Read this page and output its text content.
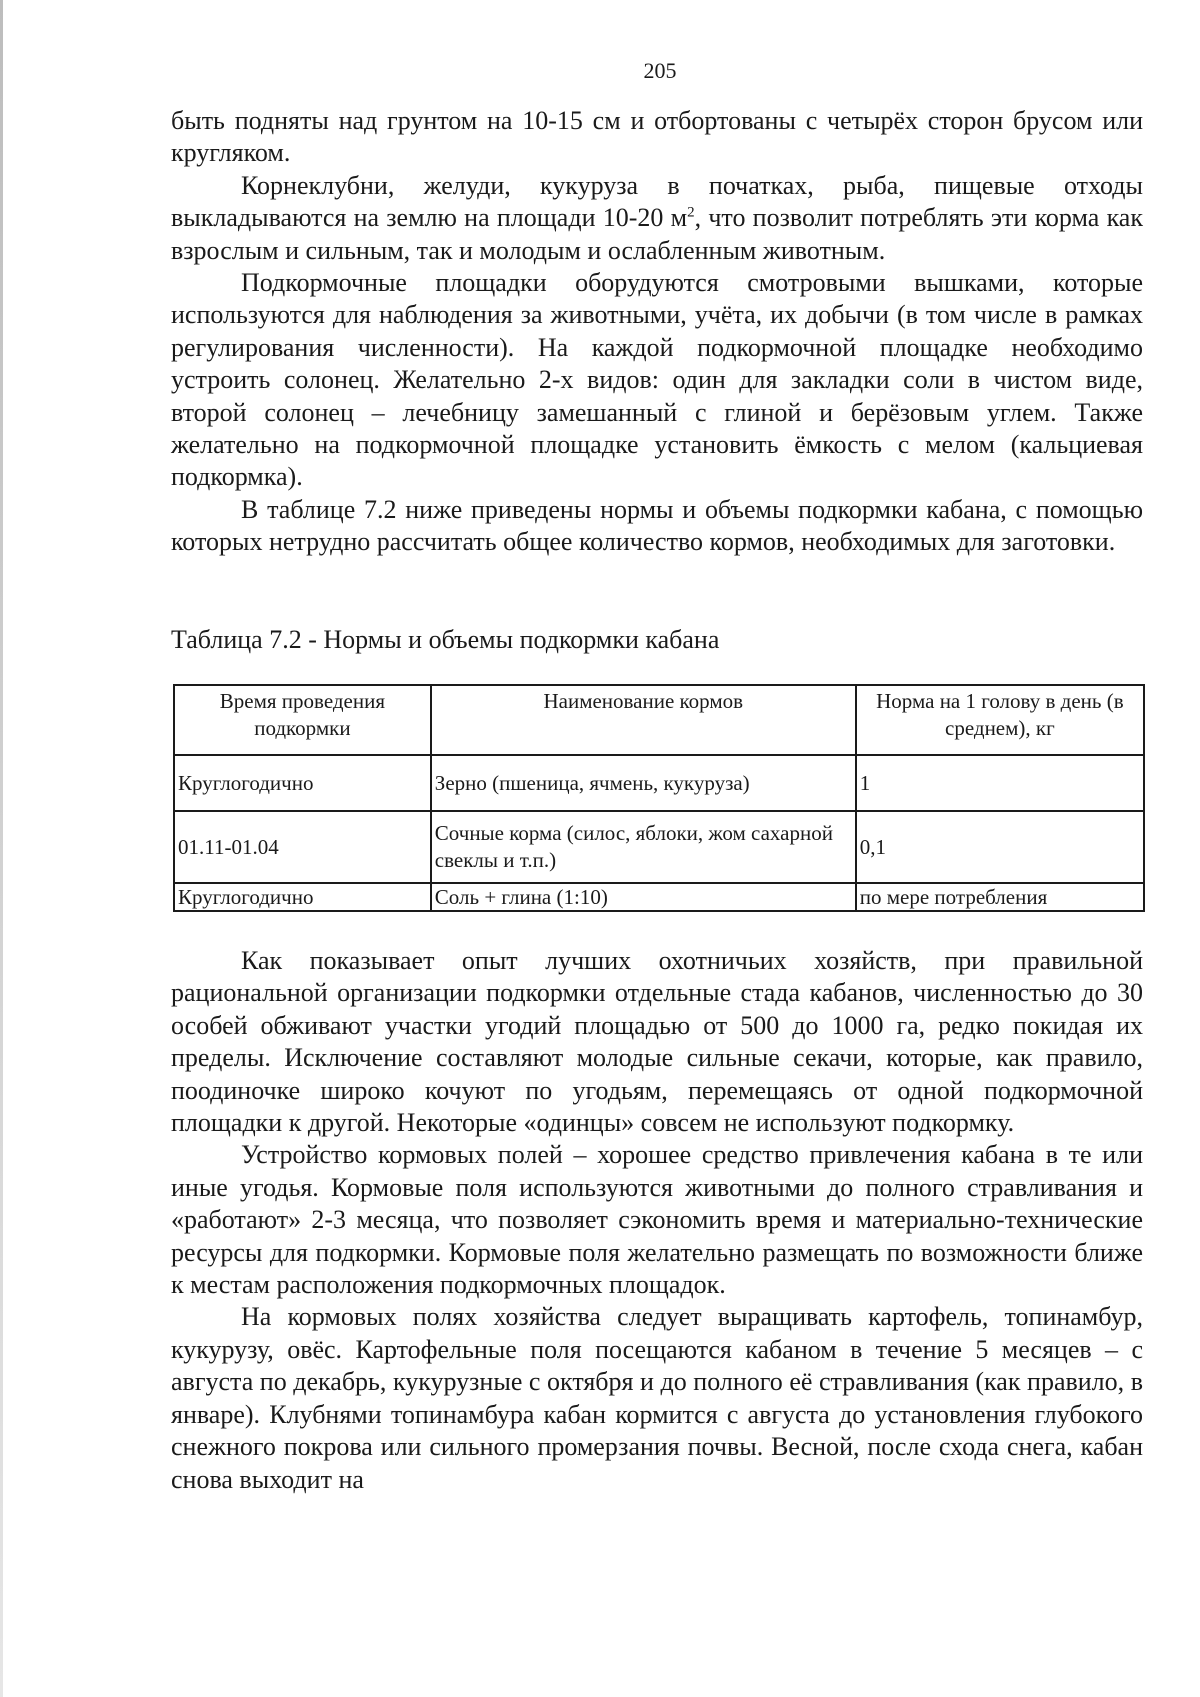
205

быть подняты над грунтом на 10-15 см и отбортованы с четырёх сторон брусом или кругляком.

Корнеклубни, желуди, кукуруза в початках, рыба, пищевые отходы выкладываются на землю на площади 10-20 $м^2$, что позволит потреблять эти корма как взрослым и сильным, так и молодым и ослабленным животным.

Подкормочные площадки оборудуются смотровыми вышками, которые используются для наблюдения за животными, учёта, их добычи (в том числе в рамках регулирования численности). На каждой подкормочной площадке необходимо устроить солонец. Желательно 2-х видов: один для закладки соли в чистом виде, второй солонец – лечебницу замешанный с глиной и берёзовым углем. Также желательно на подкормочной площадке установить ёмкость с мелом (кальциевая подкормка).

В таблице 7.2 ниже приведены нормы и объемы подкормки кабана, с помощью которых нетрудно рассчитать общее количество кормов, необходимых для заготовки.

Таблица 7.2 - Нормы и объемы подкормки кабана
Время проведения подкормки	Наименование кормов	Норма на 1 голову в день (в среднем), кг
Круглогодично	Зерно (пшеница, ячмень, кукуруза)	1
01.11-01.04	Сочные корма (силос, яблоки, жом сахарной свеклы и т.п.)	0,1
Круглогодично	Соль + глина (1:10)	по мере потребления

Как показывает опыт лучших охотничьих хозяйств, при правильной рациональной организации подкормки отдельные стада кабанов, численностью до 30 особей обживают участки угодий площадью от 500 до 1000 га, редко покидая их пределы. Исключение составляют молодые сильные секачи, которые, как правило, поодиночке широко кочуют по угодьям, перемещаясь от одной подкормочной площадки к другой. Некоторые «одинцы» совсем не используют подкормку.

Устройство кормовых полей – хорошее средство привлечения кабана в те или иные угодья. Кормовые поля используются животными до полного стравливания и «работают» 2-3 месяца, что позволяет сэкономить время и материально-технические ресурсы для подкормки. Кормовые поля желательно размещать по возможности ближе к местам расположения подкормочных площадок.

На кормовых полях хозяйства следует выращивать картофель, топинамбур, кукурузу, овёс. Картофельные поля посещаются кабаном в течение 5 месяцев – с августа по декабрь, кукурузные с октября и до полного её стравливания (как правило, в январе). Клубнями топинамбура кабан кормится с августа до установления глубокого снежного покрова или сильного промерзания почвы. Весной, после схода снега, кабан снова выходит на
